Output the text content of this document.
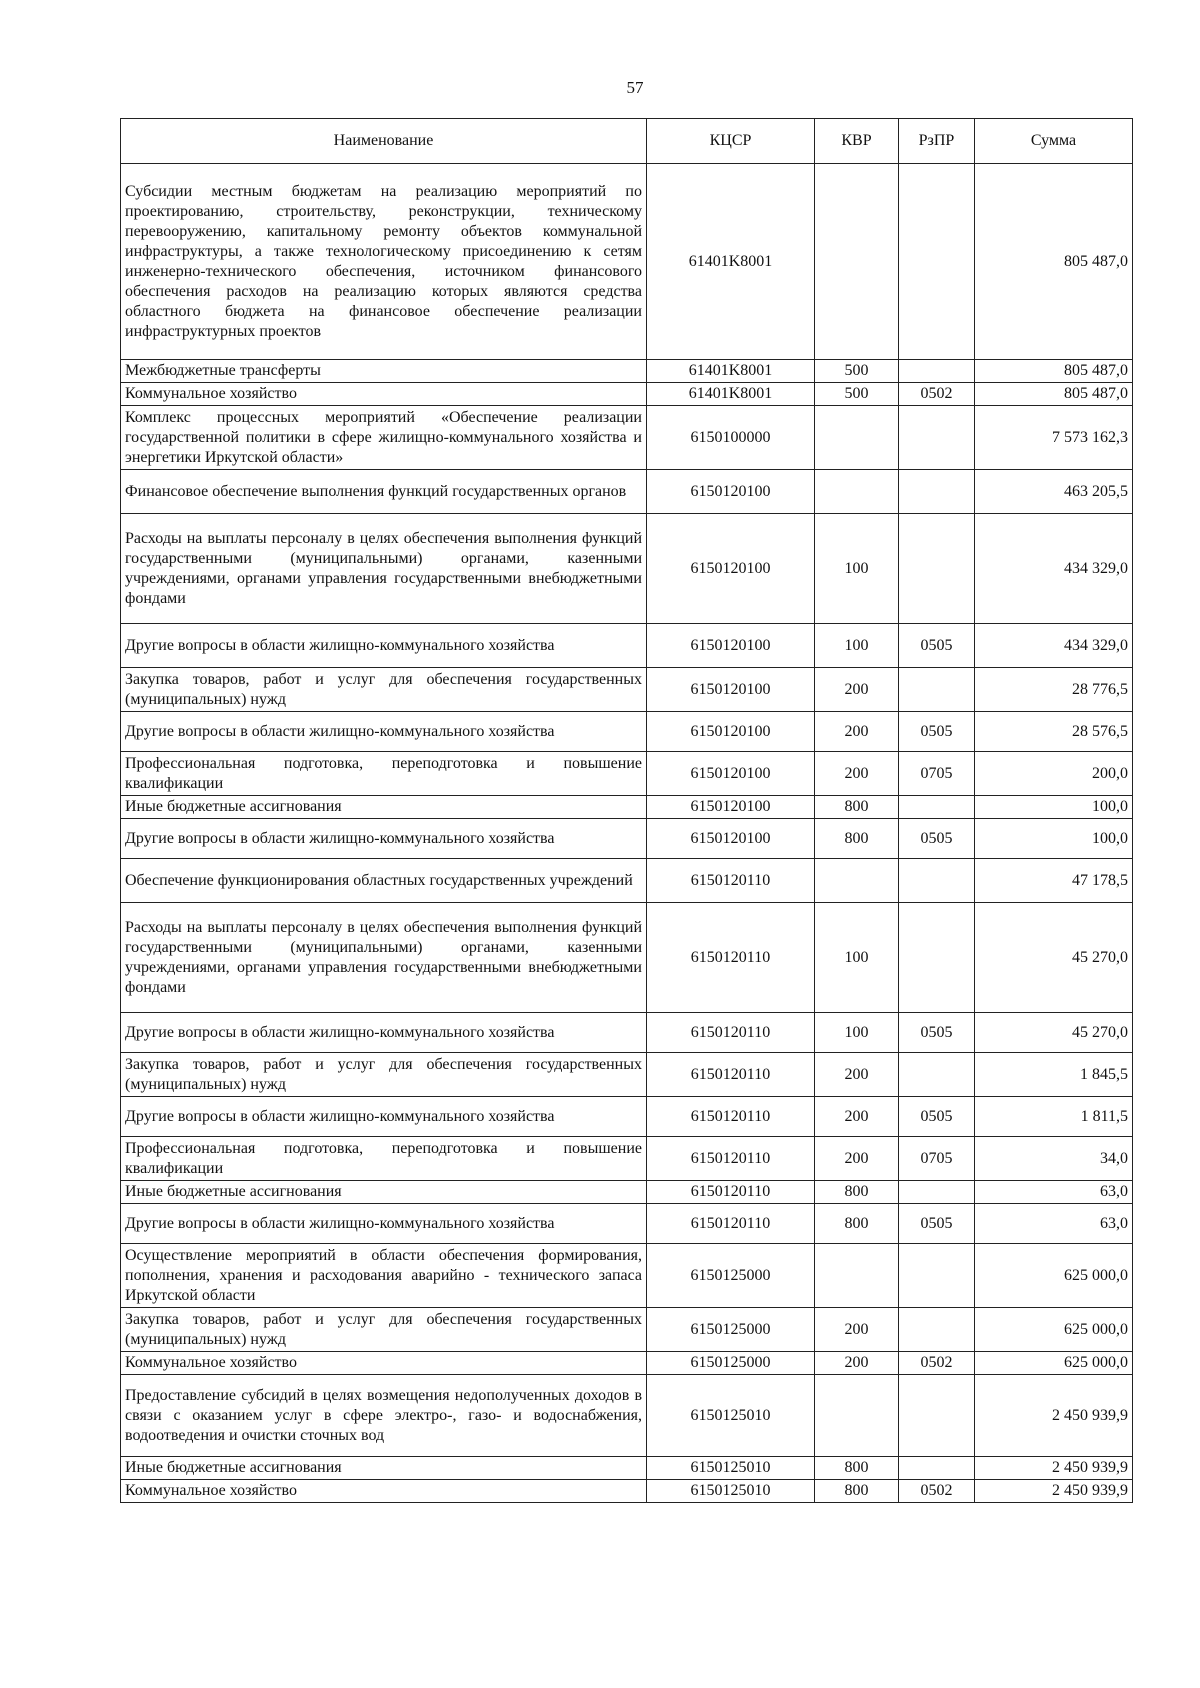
57
Наименование	КЦСР	КВР	РзПР	Сумма
Субсидии местным бюджетам на реализацию мероприятий по проектированию, строительству, реконструкции, техническому перевооружению, капитальному ремонту объектов коммунальной инфраструктуры, а также технологическому присоединению к сетям инженерно-технического обеспечения, источником финансового обеспечения расходов на реализацию которых являются средства областного бюджета на финансовое обеспечение реализации инфраструктурных проектов	61401K8001			805 487,0
Межбюджетные трансферты	61401K8001	500		805 487,0
Коммунальное хозяйство	61401K8001	500	0502	805 487,0
Комплекс процессных мероприятий «Обеспечение реализации государственной политики в сфере жилищно-коммунального хозяйства и энергетики Иркутской области»	6150100000			7 573 162,3
Финансовое обеспечение выполнения функций государственных органов	6150120100			463 205,5
Расходы на выплаты персоналу в целях обеспечения выполнения функций государственными (муниципальными) органами, казенными учреждениями, органами управления государственными внебюджетными фондами	6150120100	100		434 329,0
Другие вопросы в области жилищно-коммунального хозяйства	6150120100	100	0505	434 329,0
Закупка товаров, работ и услуг для обеспечения государственных (муниципальных) нужд	6150120100	200		28 776,5
Другие вопросы в области жилищно-коммунального хозяйства	6150120100	200	0505	28 576,5
Профессиональная подготовка, переподготовка и повышение квалификации	6150120100	200	0705	200,0
Иные бюджетные ассигнования	6150120100	800		100,0
Другие вопросы в области жилищно-коммунального хозяйства	6150120100	800	0505	100,0
Обеспечение функционирования областных государственных учреждений	6150120110			47 178,5
Расходы на выплаты персоналу в целях обеспечения выполнения функций государственными (муниципальными) органами, казенными учреждениями, органами управления государственными внебюджетными фондами	6150120110	100		45 270,0
Другие вопросы в области жилищно-коммунального хозяйства	6150120110	100	0505	45 270,0
Закупка товаров, работ и услуг для обеспечения государственных (муниципальных) нужд	6150120110	200		1 845,5
Другие вопросы в области жилищно-коммунального хозяйства	6150120110	200	0505	1 811,5
Профессиональная подготовка, переподготовка и повышение квалификации	6150120110	200	0705	34,0
Иные бюджетные ассигнования	6150120110	800		63,0
Другие вопросы в области жилищно-коммунального хозяйства	6150120110	800	0505	63,0
Осуществление мероприятий в области обеспечения формирования, пополнения, хранения и расходования аварийно - технического запаса Иркутской области	6150125000			625 000,0
Закупка товаров, работ и услуг для обеспечения государственных (муниципальных) нужд	6150125000	200		625 000,0
Коммунальное хозяйство	6150125000	200	0502	625 000,0
Предоставление субсидий в целях возмещения недополученных доходов в связи с оказанием услуг в сфере электро-, газо- и водоснабжения, водоотведения и очистки сточных вод	6150125010			2 450 939,9
Иные бюджетные ассигнования	6150125010	800		2 450 939,9
Коммунальное хозяйство	6150125010	800	0502	2 450 939,9
